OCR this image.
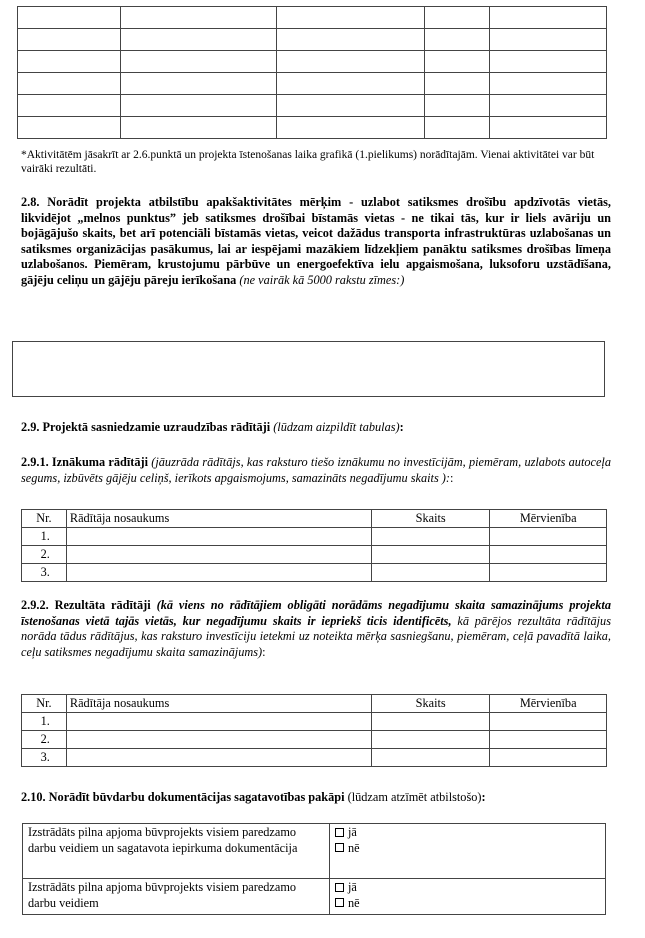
*Aktivitātēm jāsakrīt ar 2.6.punktā un projekta īstenošanas laika grafikā (1.pielikums) norādītajām. Vienai aktivitātei var būt vairāki rezultāti.
2.8. Norādīt projekta atbilstību apakšaktivitātes mērķim - uzlabot satiksmes drošību apdzīvotās vietās, likvidējot „melnos punktus” jeb satiksmes drošībai bīstamās vietas - ne tikai tās, kur ir liels avāriju un bojāgājušo skaits, bet arī potenciāli bīstamās vietas, veicot dažādus transporta infrastruktūras uzlabošanas un satiksmes organizācijas pasākumus, lai ar iespējami mazākiem līdzekļiem panāktu satiksmes drošības līmeņa uzlabošanos. Piemēram, krustojumu pārbūve un energoefektīva ielu apgaismošana, luksoforu uzstādīšana, gājēju celiņu un gājēju pāreju ierīkošana (ne vairāk kā 5000 rakstu zīmes:)
2.9. Projektā sasniedzamie uzraudzības rādītāji (lūdzam aizpildīt tabulas):
2.9.1. Iznākuma rādītāji (jāuzrāda rādītājs, kas raksturo tiešo iznākumu no investīcijām, piemēram, uzlabots autoceļa segums, izbūvēts gājēju celiņš, ierīkots apgaismojums, samazināts negadījumu skaits )::
Nr.	Rādītāja nosaukums	Skaits	Mērvienība
1.			
2.			
3.			
2.9.2. Rezultāta rādītāji (kā viens no rādītājiem obligāti norādāms negadījumu skaita samazinājums projekta īstenošanas vietā tajās vietās, kur negadījumu skaits ir iepriekš ticis identificēts, kā pārējos rezultāta rādītājus norāda tādus rādītājus, kas raksturo investīciju ietekmi uz noteikta mērķa sasniegšanu, piemēram, ceļā pavadītā laika, ceļu satiksmes negadījumu skaita samazinājums):
Nr.	Rādītāja nosaukums	Skaits	Mērvienība
1.			
2.			
3.			
2.10. Norādīt būvdarbu dokumentācijas sagatavotības pakāpi (lūdzam atzīmēt atbilstošo):
Izstrādāts pilna apjoma būvprojekts visiem paredzamo darbu veidiem un sagatavota iepirkuma dokumentācija	jā
nē

Izstrādāts pilna apjoma būvprojekts visiem paredzamo darbu veidiem	jā
nē
